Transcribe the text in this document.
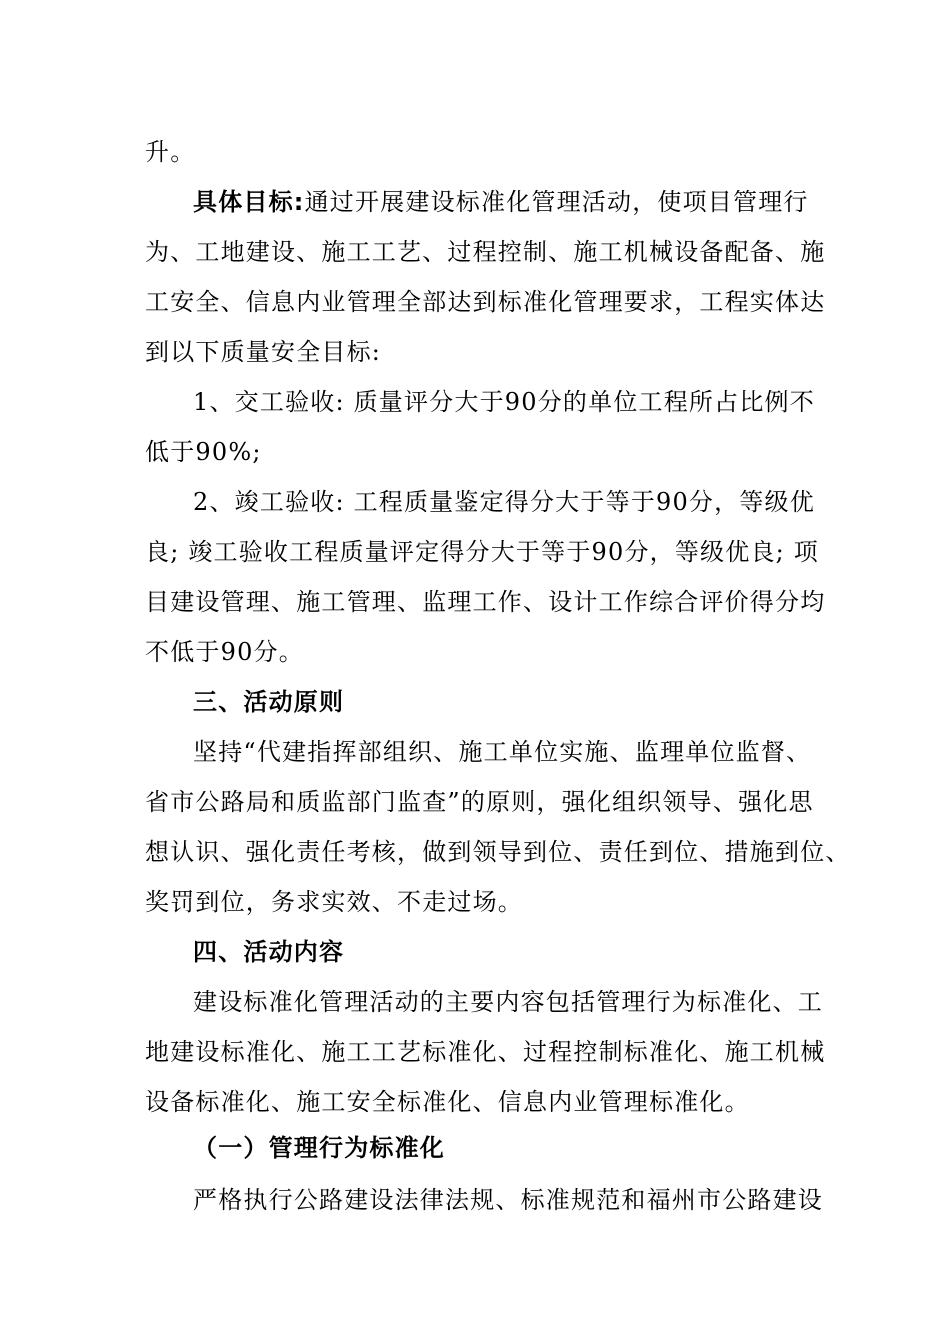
升。
具体目标:通过开展建设标准化管理活动，使项目管理行
为、工地建设、施工工艺、过程控制、施工机械设备配备、施
工安全、信息内业管理全部达到标准化管理要求，工程实体达
到以下质量安全目标:
1、交工验收: 质量评分大于90分的单位工程所占比例不
低于90%;
2、竣工验收: 工程质量鉴定得分大于等于90分，等级优
良; 竣工验收工程质量评定得分大于等于90分，等级优良; 项
目建设管理、施工管理、监理工作、设计工作综合评价得分均
不低于90分。
三、活动原则
坚持“代建指挥部组织、施工单位实施、监理单位监督、
省市公路局和质监部门监查”的原则，强化组织领导、强化思
想认识、强化责任考核，做到领导到位、责任到位、措施到位、
奖罚到位，务求实效、不走过场。
四、活动内容
建设标准化管理活动的主要内容包括管理行为标准化、工
地建设标准化、施工工艺标准化、过程控制标准化、施工机械
设备标准化、施工安全标准化、信息内业管理标准化。
（一）管理行为标准化
严格执行公路建设法律法规、标准规范和福州市公路建设
